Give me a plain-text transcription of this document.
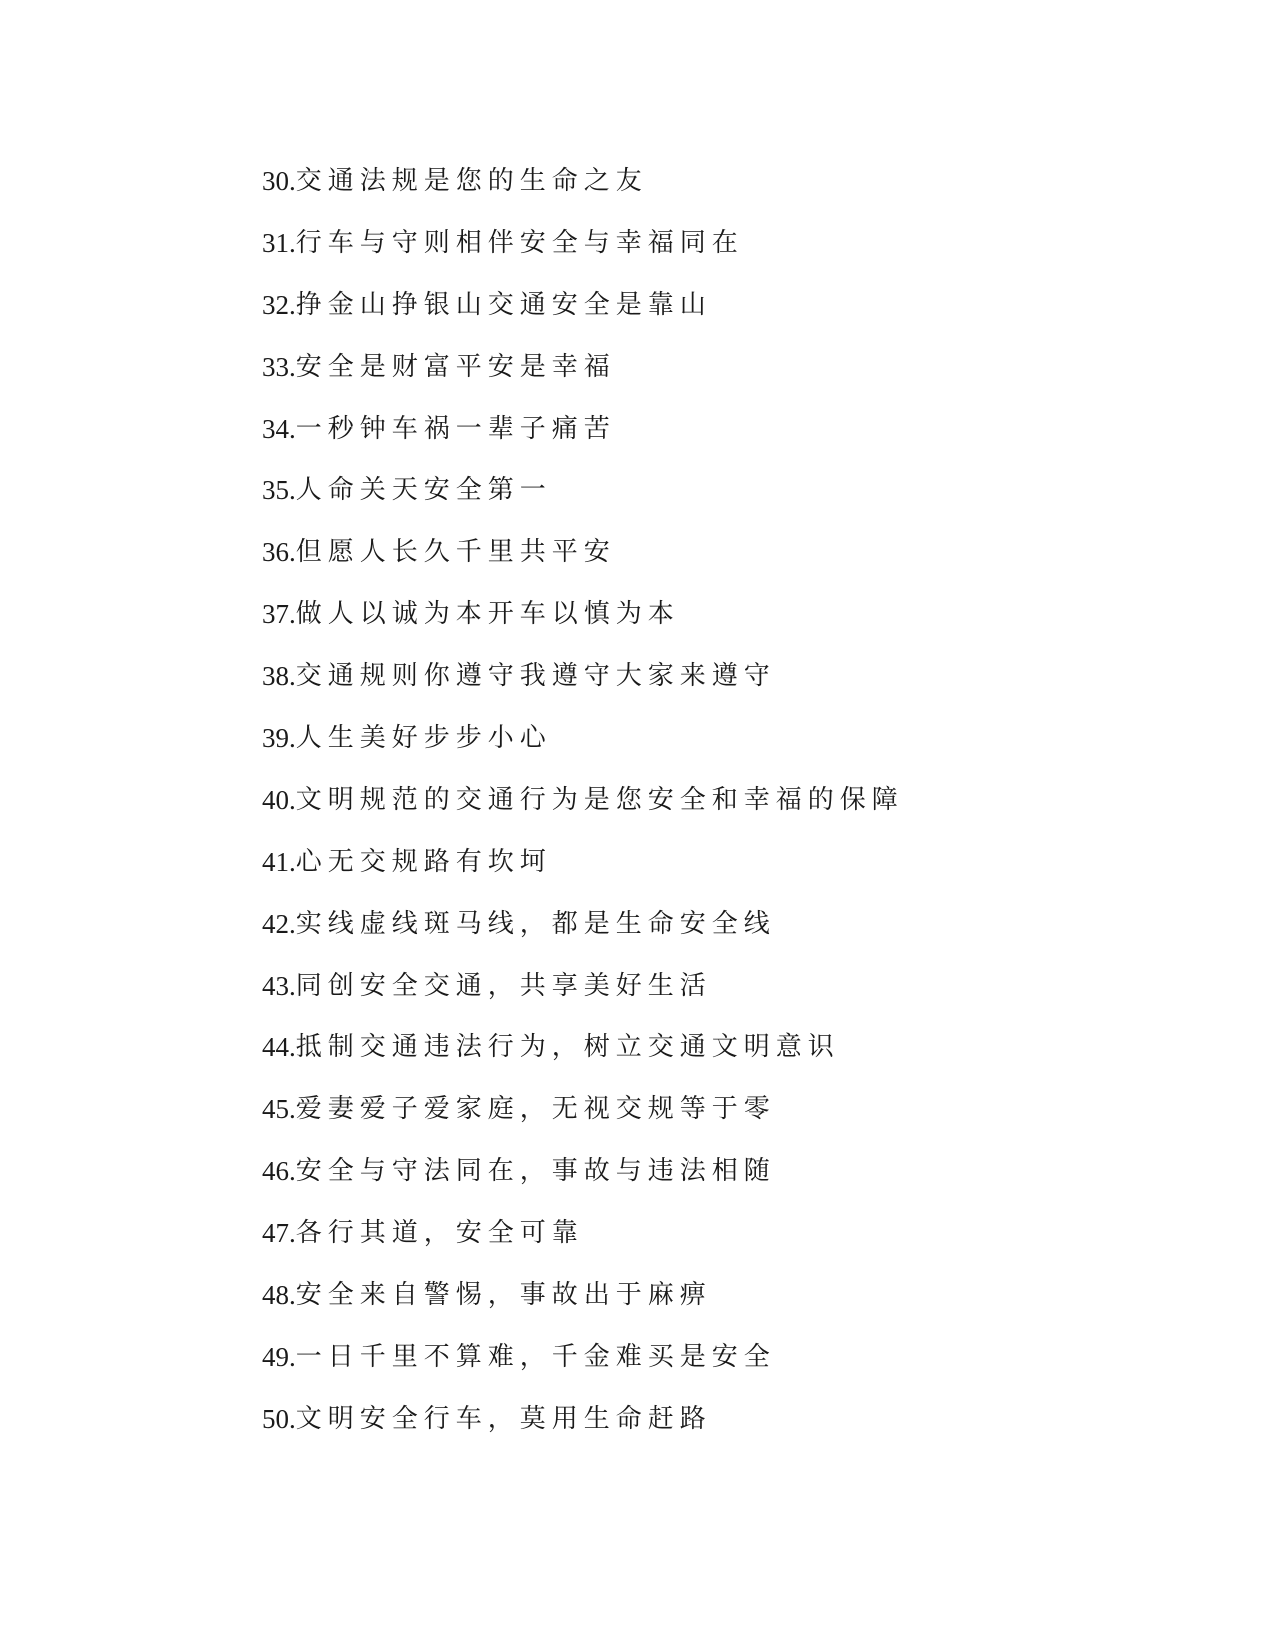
30. 交通法规是您的生命之友
31. 行车与守则相伴安全与幸福同在
32. 挣金山挣银山交通安全是靠山
33. 安全是财富平安是幸福
34. 一秒钟车祸一辈子痛苦
35. 人命关天安全第一
36. 但愿人长久千里共平安
37. 做人以诚为本开车以慎为本
38. 交通规则你遵守我遵守大家来遵守
39. 人生美好步步小心
40. 文明规范的交通行为是您安全和幸福的保障
41. 心无交规路有坎坷
42. 实线虚线斑马线，都是生命安全线
43. 同创安全交通，共享美好生活
44. 抵制交通违法行为，树立交通文明意识
45. 爱妻爱子爱家庭，无视交规等于零
46. 安全与守法同在，事故与违法相随
47. 各行其道，安全可靠
48. 安全来自警惕，事故出于麻痹
49. 一日千里不算难，千金难买是安全
50. 文明安全行车，莫用生命赶路
